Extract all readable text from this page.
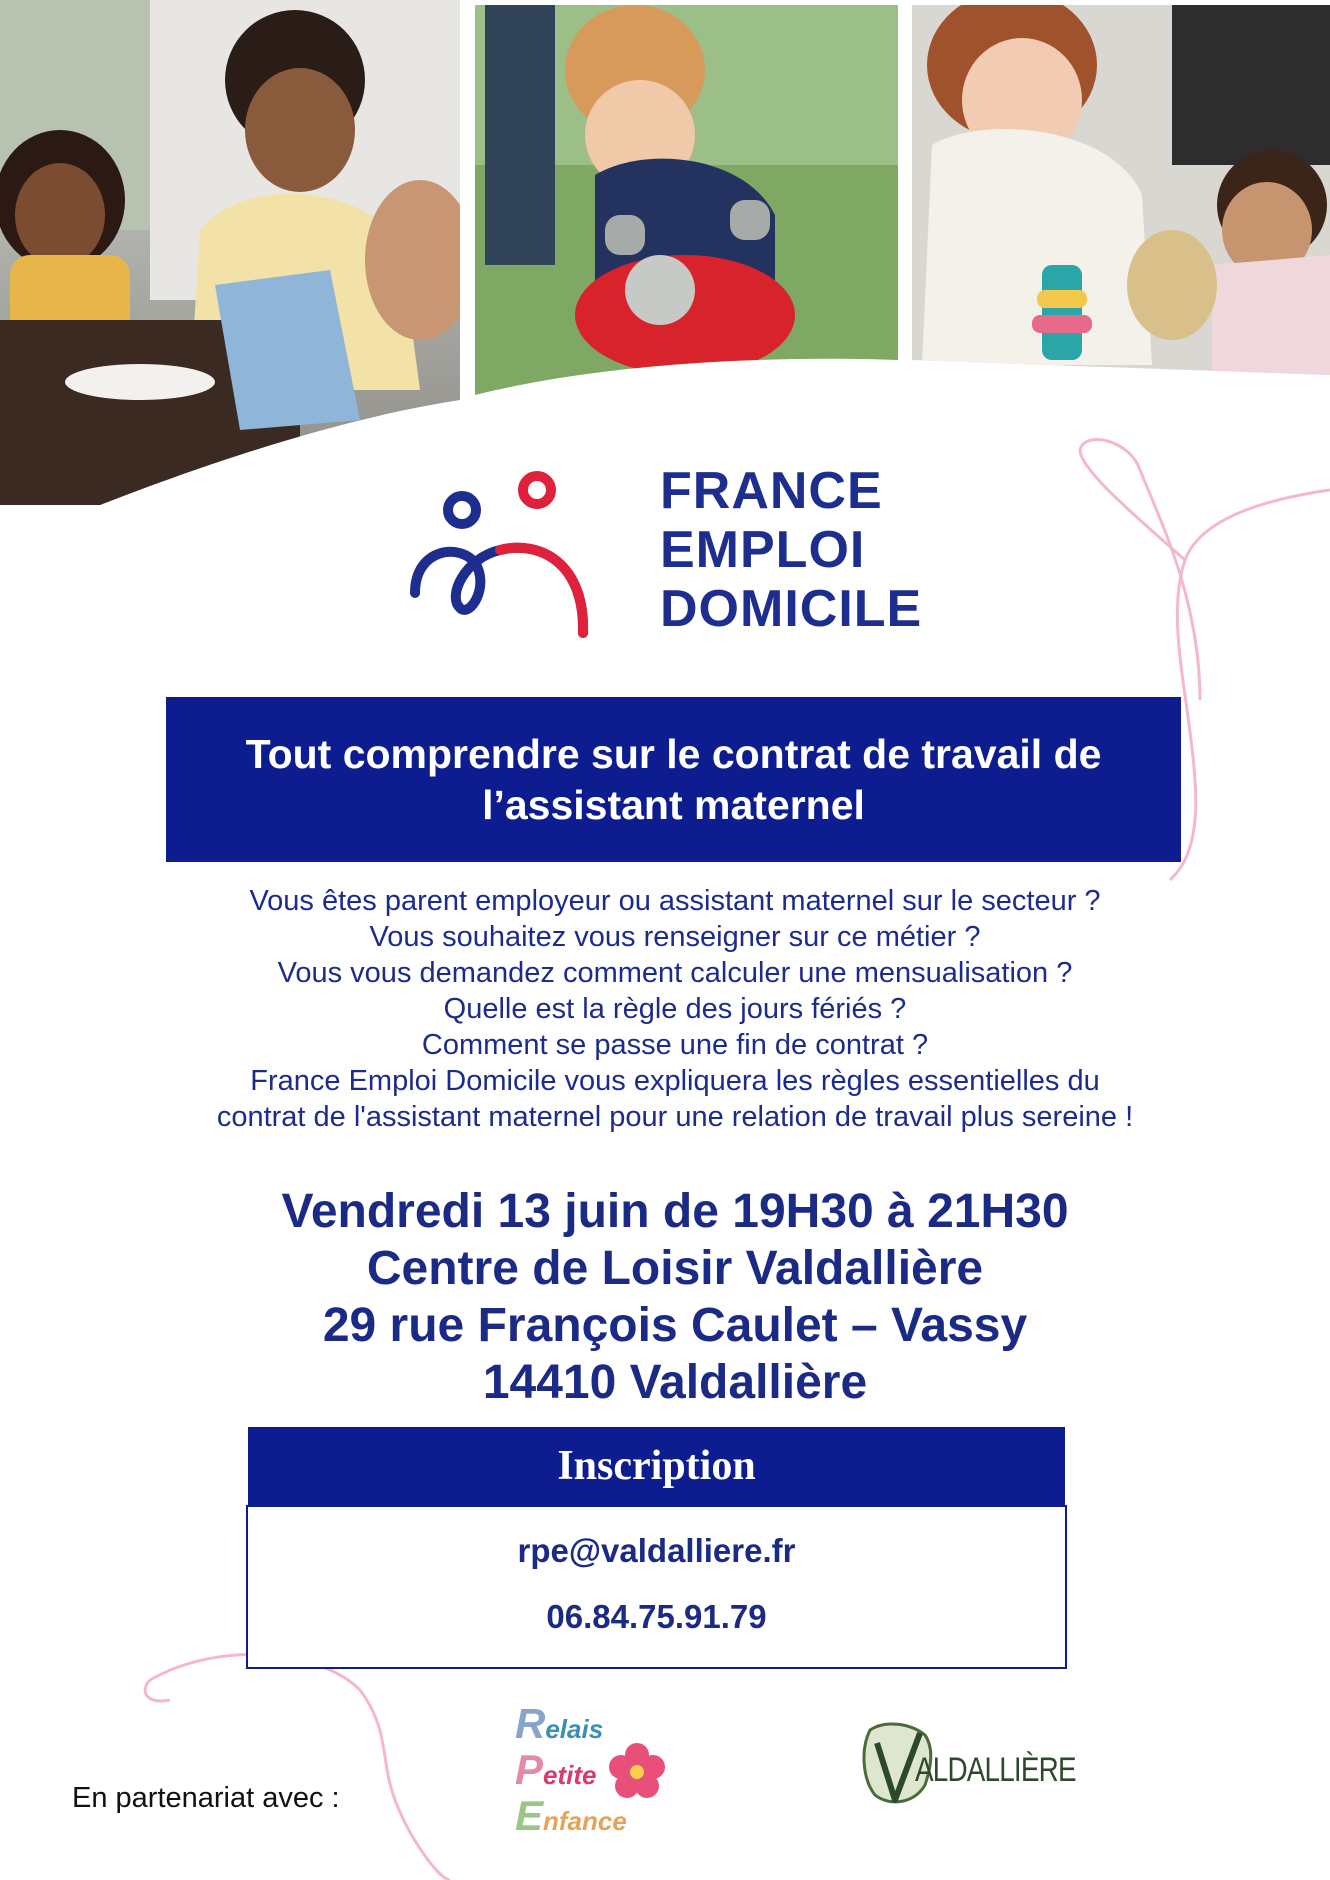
FRANCE
EMPLOI
DOMICILE
Tout comprendre sur le contrat de travail de
l’assistant maternel
Vous êtes parent employeur ou assistant maternel sur le secteur ?
Vous souhaitez vous renseigner sur ce métier ?
Vous vous demandez comment calculer une mensualisation ?
Quelle est la règle des jours fériés ?
Comment se passe une fin de contrat ?
France Emploi Domicile vous expliquera les règles essentielles du
contrat de l'assistant maternel pour une relation de travail plus sereine !
Vendredi 13 juin de 19H30 à 21H30
Centre de Loisir Valdallière
29 rue François Caulet – Vassy
14410 Valdallière
Inscription
rpe@valdalliere.fr
06.84.75.91.79
En partenariat avec :
Relais
Petite
Enfance
ALDALLIÈRE
